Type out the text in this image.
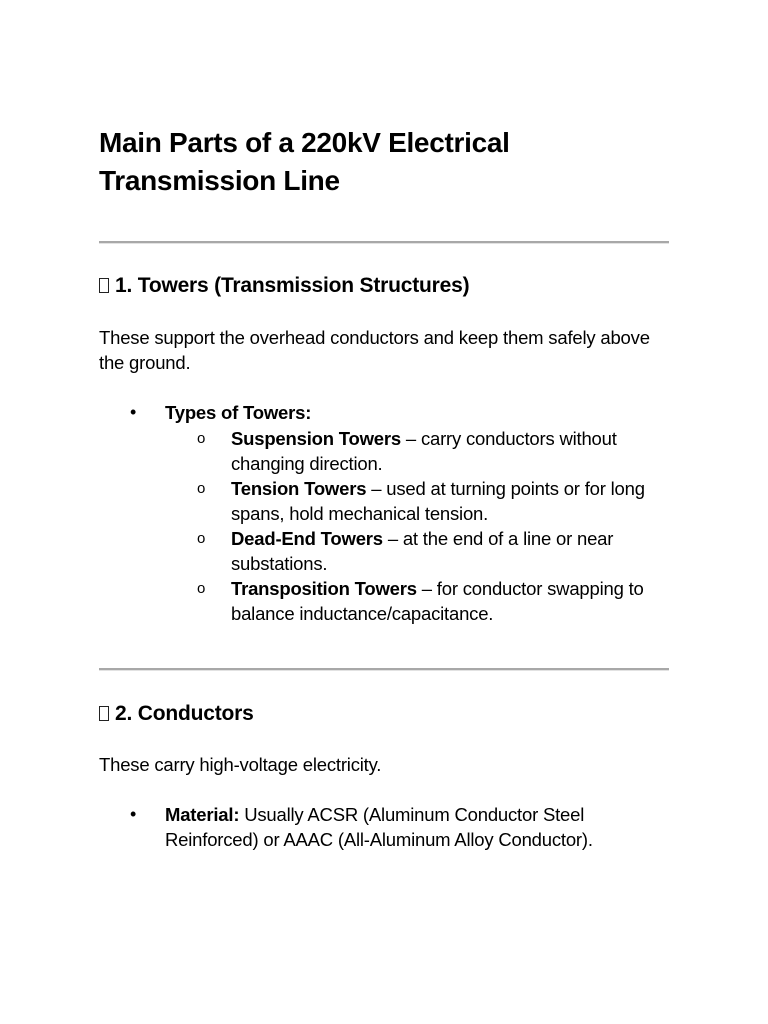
Main Parts of a 220kV Electrical Transmission Line
1. Towers (Transmission Structures)

These support the overhead conductors and keep them safely above the ground.

• Types of Towers:
o Suspension Towers – carry conductors without changing direction.
o Tension Towers – used at turning points or for long spans, hold mechanical tension.
o Dead-End Towers – at the end of a line or near substations.
o Transposition Towers – for conductor swapping to balance inductance/capacitance.
2. Conductors

These carry high-voltage electricity.

• Material: Usually ACSR (Aluminum Conductor Steel Reinforced) or AAAC (All-Aluminum Alloy Conductor).
